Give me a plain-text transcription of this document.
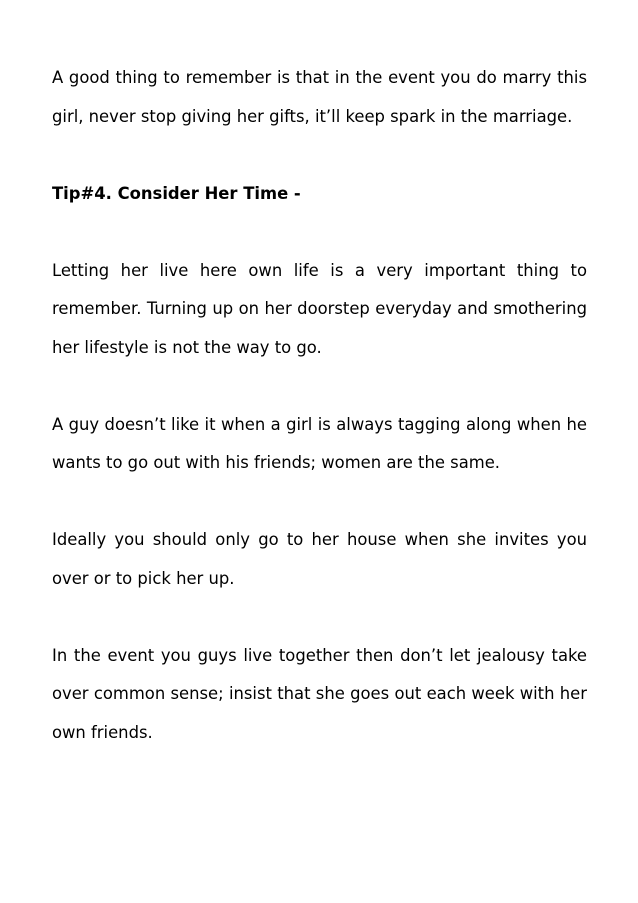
A good thing to remember is that in the event you do marry this girl, never stop giving her gifts, it’ll keep spark in the marriage.

Tip#4. Consider Her Time -

Letting her live here own life is a very important thing to remember. Turning up on her doorstep everyday and smothering her lifestyle is not the way to go.

A guy doesn’t like it when a girl is always tagging along when he wants to go out with his friends; women are the same.

Ideally you should only go to her house when she invites you over or to pick her up.

In the event you guys live together then don’t let jealousy take over common sense; insist that she goes out each week with her own friends.
